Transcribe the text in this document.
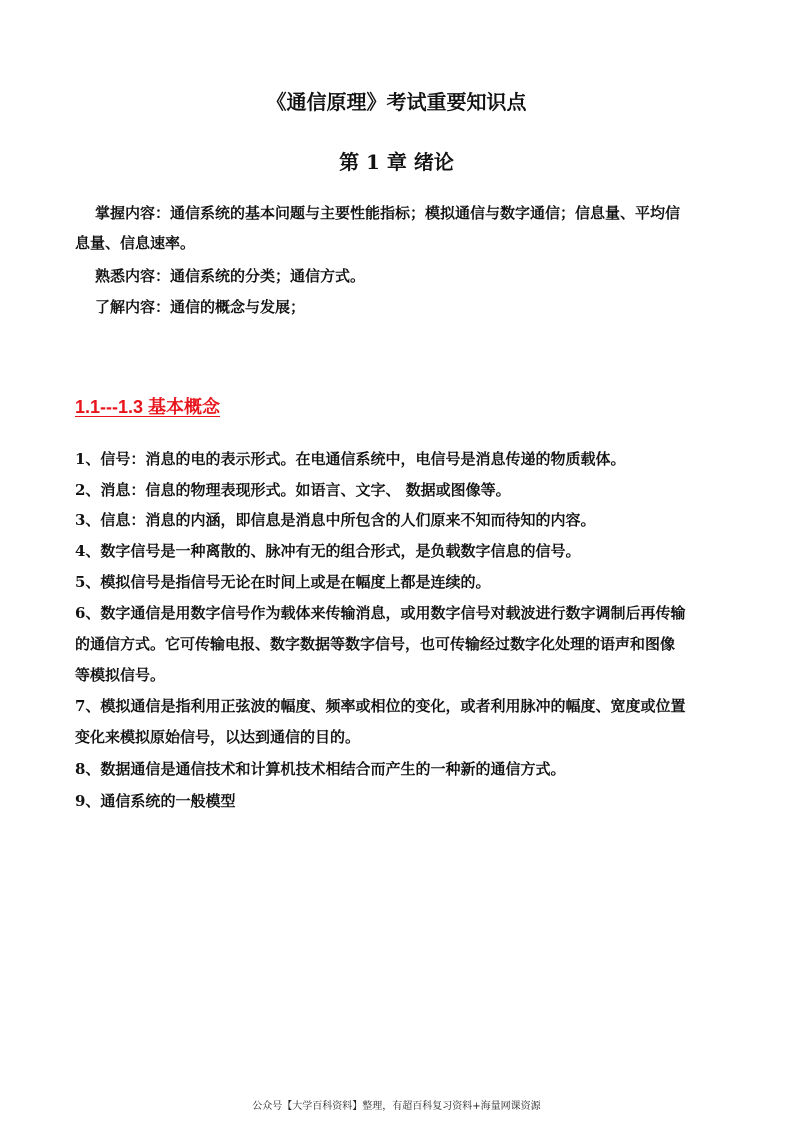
《通信原理》考试重要知识点
第 1 章 绪论
掌握内容：通信系统的基本问题与主要性能指标；模拟通信与数字通信；信息量、平均信
息量、信息速率。
熟悉内容：通信系统的分类；通信方式。
了解内容：通信的概念与发展；
1.1---1.3 基本概念
1、信号：消息的电的表示形式。在电通信系统中，电信号是消息传递的物质载体。
2、消息：信息的物理表现形式。如语言、文字、 数据或图像等。
3、信息：消息的内涵，即信息是消息中所包含的人们原来不知而待知的内容。
4、数字信号是一种离散的、脉冲有无的组合形式，是负载数字信息的信号。
5、模拟信号是指信号无论在时间上或是在幅度上都是连续的。
6、数字通信是用数字信号作为载体来传输消息，或用数字信号对载波进行数字调制后再传输
的通信方式。它可传输电报、数字数据等数字信号，也可传输经过数字化处理的语声和图像
等模拟信号。
7、模拟通信是指利用正弦波的幅度、频率或相位的变化，或者利用脉冲的幅度、宽度或位置
变化来模拟原始信号，以达到通信的目的。
8、数据通信是通信技术和计算机技术相结合而产生的一种新的通信方式。
9、通信系统的一般模型
公众号【大学百科资料】整理，有超百科复习资料+海量网课资源
